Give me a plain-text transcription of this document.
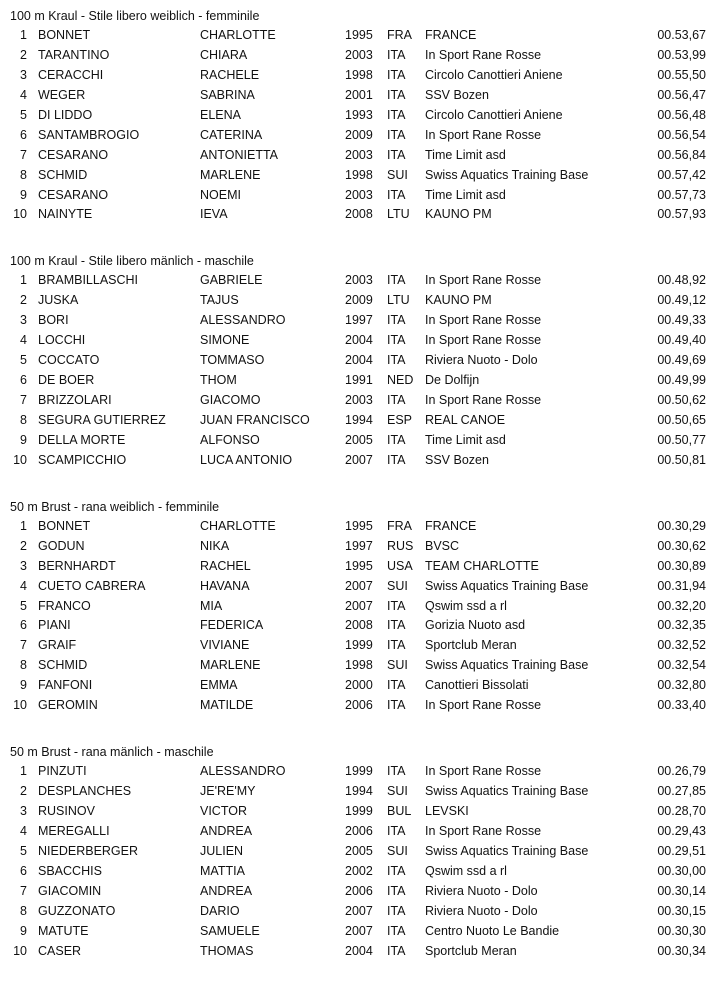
100 m Kraul - Stile libero weiblich - femminile
1 BONNET	CHARLOTTE	1995 FRA FRANCE	00.53,67
2 TARANTINO	CHIARA	2003 ITA In Sport Rane Rosse	00.53,99
3 CERACCHI	RACHELE	1998 ITA Circolo Canottieri Aniene	00.55,50
4 WEGER	SABRINA	2001 ITA SSV Bozen	00.56,47
5 DI LIDDO	ELENA	1993 ITA Circolo Canottieri Aniene	00.56,48
6 SANTAMBROGIO	CATERINA	2009 ITA In Sport Rane Rosse	00.56,54
7 CESARANO	ANTONIETTA	2003 ITA Time Limit asd	00.56,84
8 SCHMID	MARLENE	1998 SUI Swiss Aquatics Training Base	00.57,42
9 CESARANO	NOEMI	2003 ITA Time Limit asd	00.57,73
10 NAINYTE	IEVA	2008 LTU KAUNO PM	00.57,93
100 m Kraul - Stile libero mänlich - maschile
1 BRAMBILLASCHI	GABRIELE	2003 ITA In Sport Rane Rosse	00.48,92
2 JUSKA	TAJUS	2009 LTU KAUNO PM	00.49,12
3 BORI	ALESSANDRO	1997 ITA In Sport Rane Rosse	00.49,33
4 LOCCHI	SIMONE	2004 ITA In Sport Rane Rosse	00.49,40
5 COCCATO	TOMMASO	2004 ITA Riviera Nuoto - Dolo	00.49,69
6 DE BOER	THOM	1991 NED De Dolfijn	00.49,99
7 BRIZZOLARI	GIACOMO	2003 ITA In Sport Rane Rosse	00.50,62
8 SEGURA GUTIERREZ	JUAN FRANCISCO	1994 ESP REAL CANOE	00.50,65
9 DELLA MORTE	ALFONSO	2005 ITA Time Limit asd	00.50,77
10 SCAMPICCHIO	LUCA ANTONIO	2007 ITA SSV Bozen	00.50,81
50 m Brust - rana weiblich - femminile
1 BONNET	CHARLOTTE	1995 FRA FRANCE	00.30,29
2 GODUN	NIKA	1997 RUS BVSC	00.30,62
3 BERNHARDT	RACHEL	1995 USA TEAM CHARLOTTE	00.30,89
4 CUETO CABRERA	HAVANA	2007 SUI Swiss Aquatics Training Base	00.31,94
5 FRANCO	MIA	2007 ITA Qswim ssd a rl	00.32,20
6 PIANI	FEDERICA	2008 ITA Gorizia Nuoto asd	00.32,35
7 GRAIF	VIVIANE	1999 ITA Sportclub Meran	00.32,52
8 SCHMID	MARLENE	1998 SUI Swiss Aquatics Training Base	00.32,54
9 FANFONI	EMMA	2000 ITA Canottieri Bissolati	00.32,80
10 GEROMIN	MATILDE	2006 ITA In Sport Rane Rosse	00.33,40
50 m Brust - rana mänlich - maschile
1 PINZUTI	ALESSANDRO	1999 ITA In Sport Rane Rosse	00.26,79
2 DESPLANCHES	JE'RE'MY	1994 SUI Swiss Aquatics Training Base	00.27,85
3 RUSINOV	VICTOR	1999 BUL LEVSKI	00.28,70
4 MEREGALLI	ANDREA	2006 ITA In Sport Rane Rosse	00.29,43
5 NIEDERBERGER	JULIEN	2005 SUI Swiss Aquatics Training Base	00.29,51
6 SBACCHIS	MATTIA	2002 ITA Qswim ssd a rl	00.30,00
7 GIACOMIN	ANDREA	2006 ITA Riviera Nuoto - Dolo	00.30,14
8 GUZZONATO	DARIO	2007 ITA Riviera Nuoto - Dolo	00.30,15
9 MATUTE	SAMUELE	2007 ITA Centro Nuoto Le Bandie	00.30,30
10 CASER	THOMAS	2004 ITA Sportclub Meran	00.30,34
